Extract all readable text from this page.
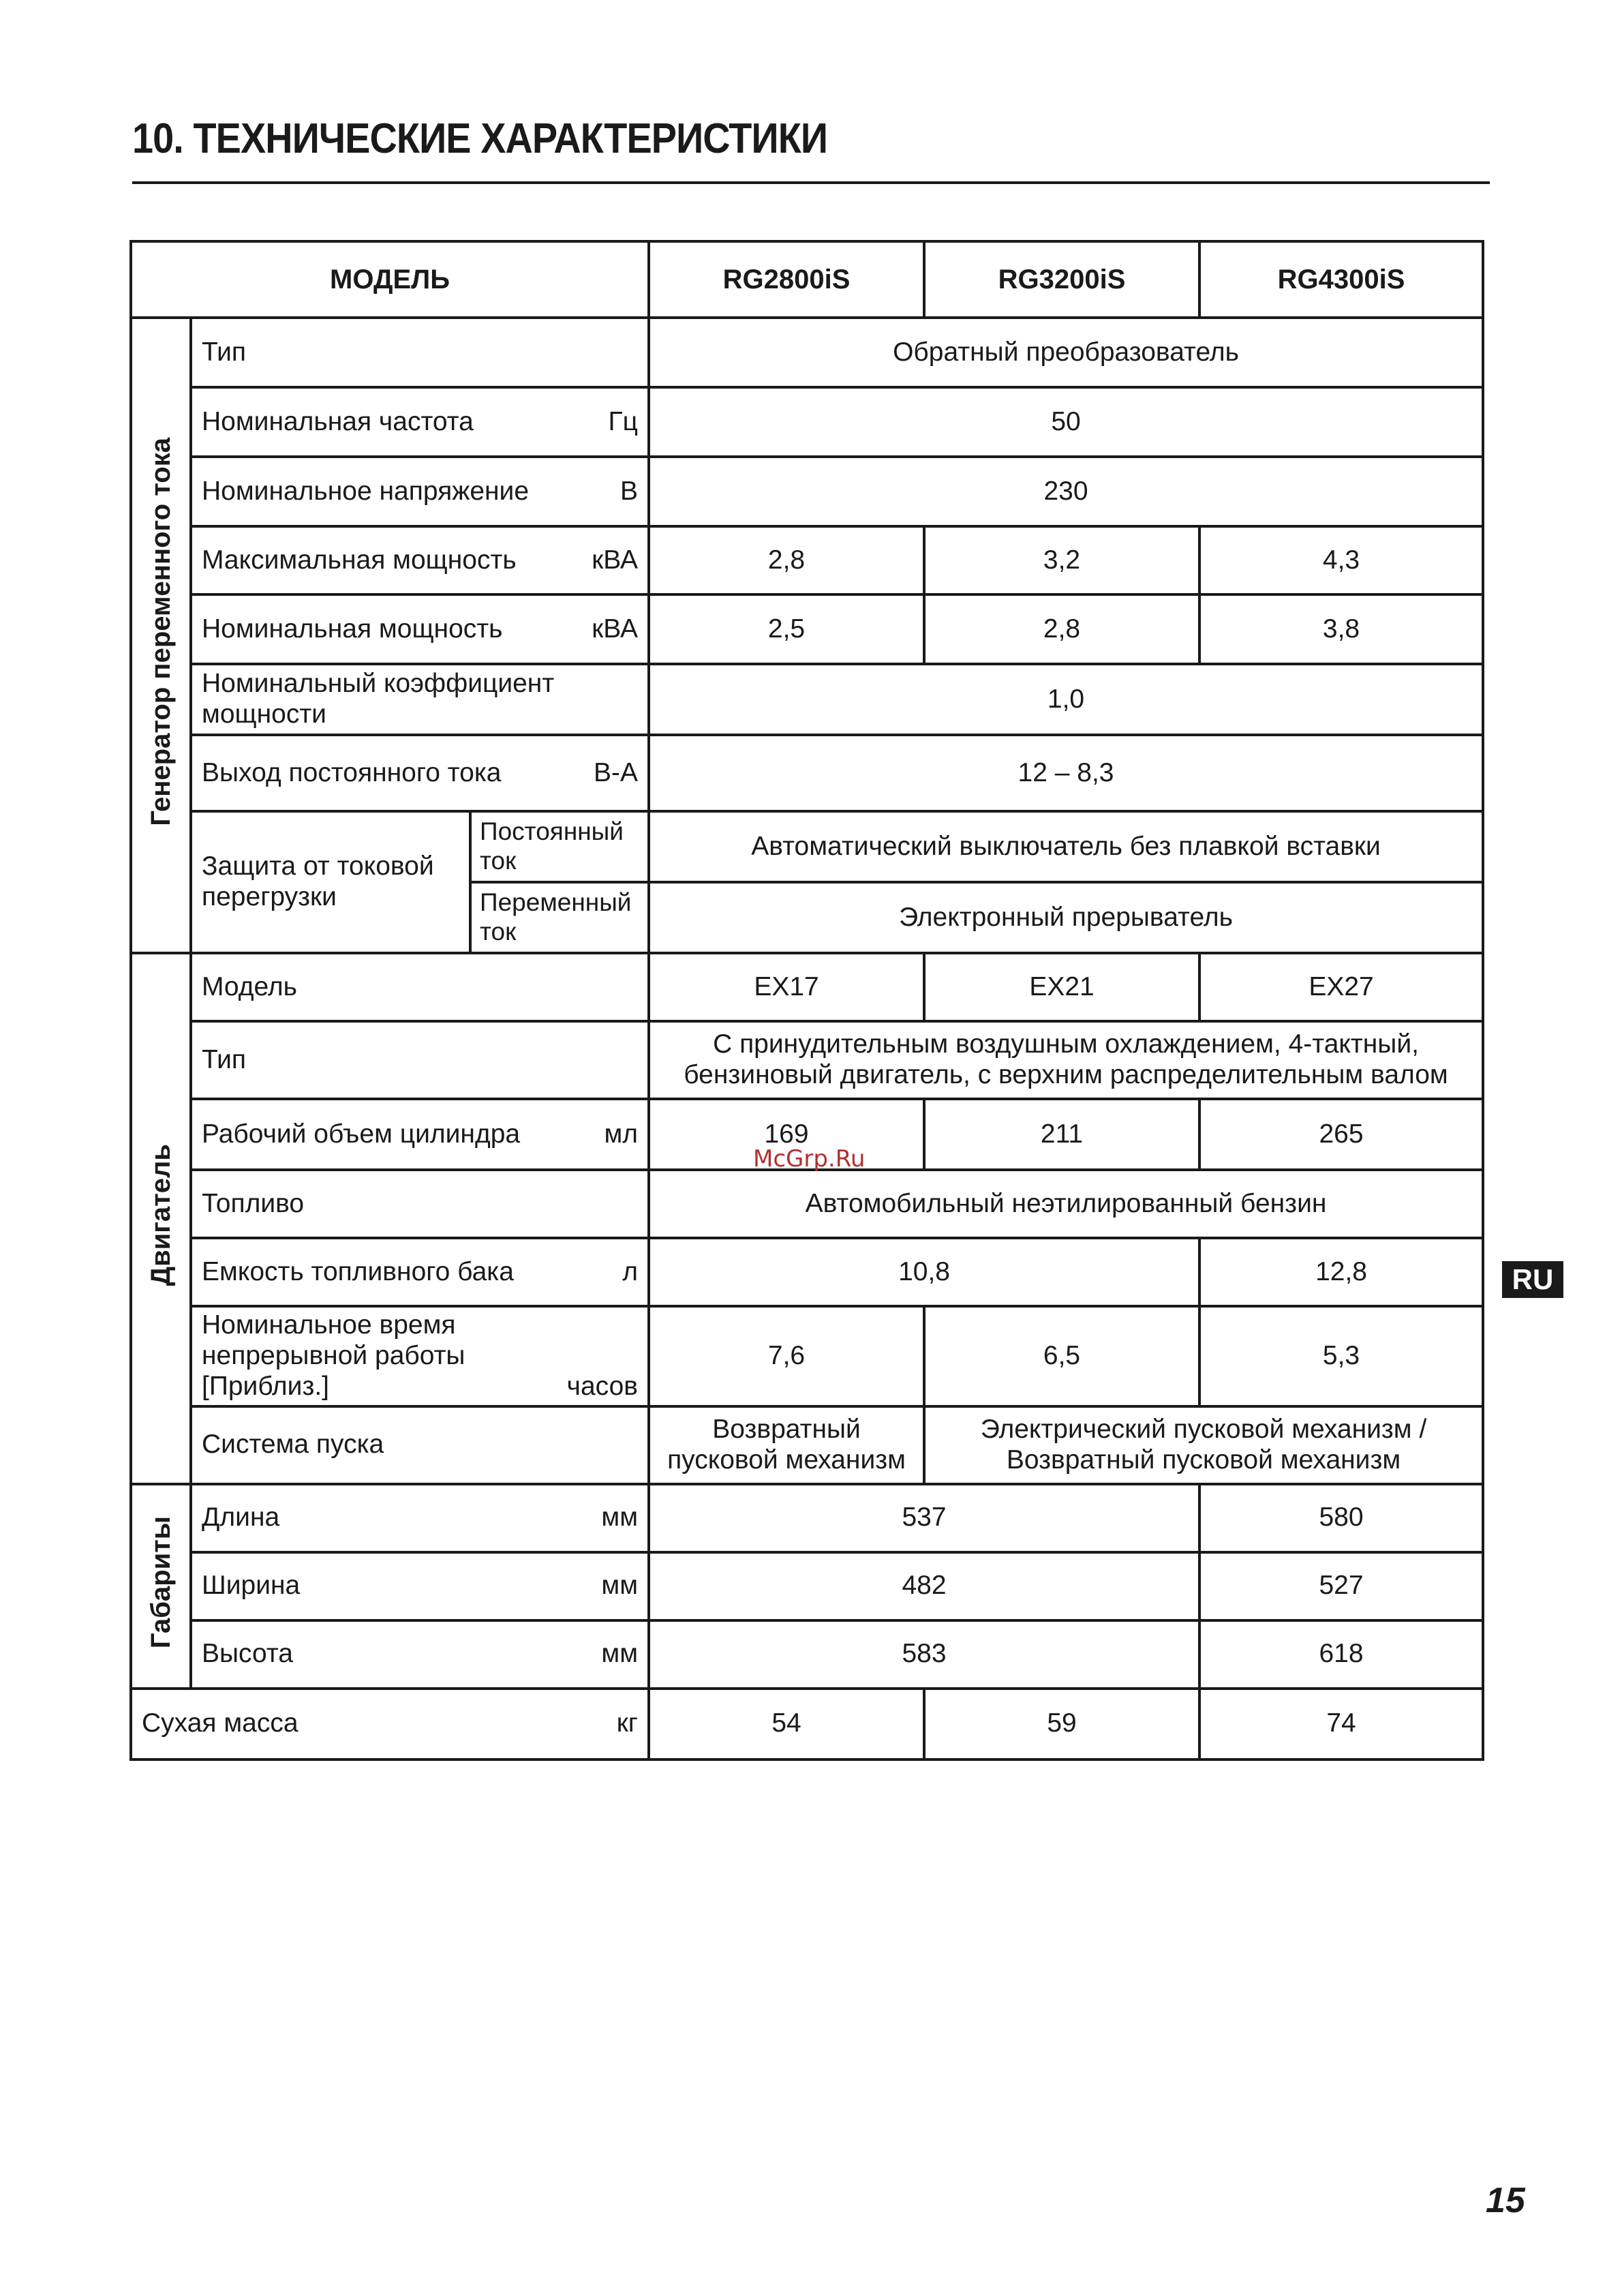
10. ТЕХНИЧЕСКИЕ ХАРАКТЕРИСТИКИ
МОДЕЛЬ			RG2800iS	RG3200iS	RG4300iS
Генератор переменного тока	Тип		Обратный преобразователь		

	Номинальная частота Гц		50		

	Номинальное напряжение В		230		

	Максимальная мощность кВА		2,8	3,2	4,3

	Номинальная мощность кВА		2,5	2,8	3,8
	Номинальный коэффициент мощности		1,0		

	Выход постоянного тока В-А		12 – 8,3		
	Защита от токовой перегрузки	Постоянный ток	Автоматический выключатель без плавкой вставки		
		Переменный ток	Электронный прерыватель		
Двигатель	Модель		EX17	EX21	EX27
	Тип		С принудительным воздушным охлаждением, 4-тактный, бензиновый двигатель, с верхним распределительным валом		

	Рабочий объем цилиндра мл		169	211	265
	Топливо		Автомобильный неэтилированный бензин		

	Емкость топливного бака л		10,8		12,8

	Номинальное время непрерывной работы [Приблиз.] часов		7,6	6,5	5,3
	Система пуска		Возвратный пусковой механизм	Электрический пусковой механизм / Возвратный пусковой механизм	
Габариты	Длина мм		537		580

	Ширина мм		482		527

	Высота мм		583		618

Сухая масса кг			54	59	74
McGrp.Ru
RU
15
